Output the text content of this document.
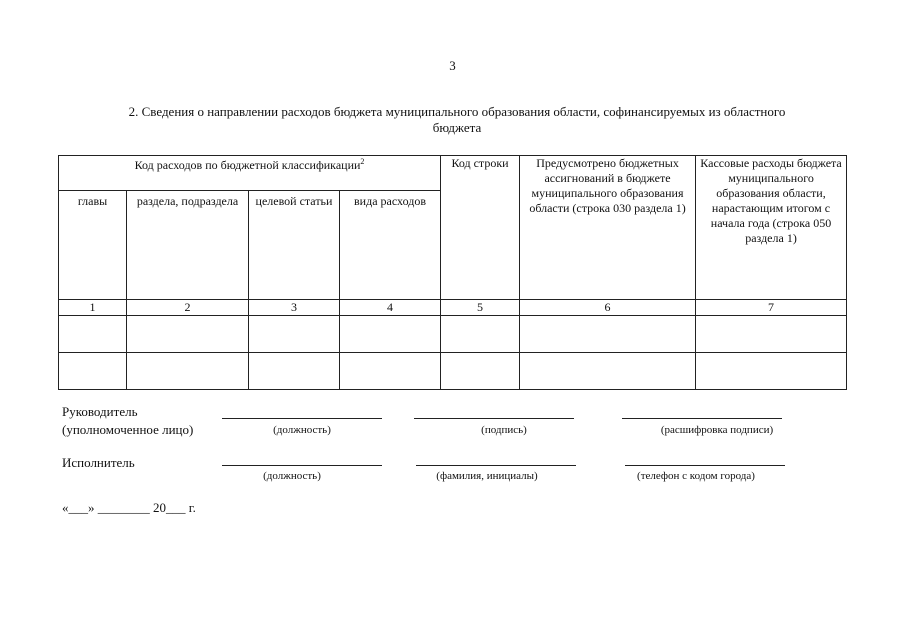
3
2. Сведения о направлении расходов бюджета муниципального образования области, софинансируемых из областного
бюджета
Код расходов по бюджетной классификации$^2$				Код строки	Предусмотрено бюджетных ассигнований в бюджете муниципального образования области (строка 030 раздела 1)	Кассовые расходы бюджета муниципального образования области, нарастающим итогом с начала года (строка 050 раздела 1)
главы	раздела, подраздела	целевой статьи	вида расходов			
1	2	3	4	5	6	7

Руководитель
(уполномоченное лицо)	(должность)	(подпись)	(расшифровка подписи)
Исполнитель
(должность)	(фамилия, инициалы)	(телефон с кодом города)
«___» ________ 20___ г.
